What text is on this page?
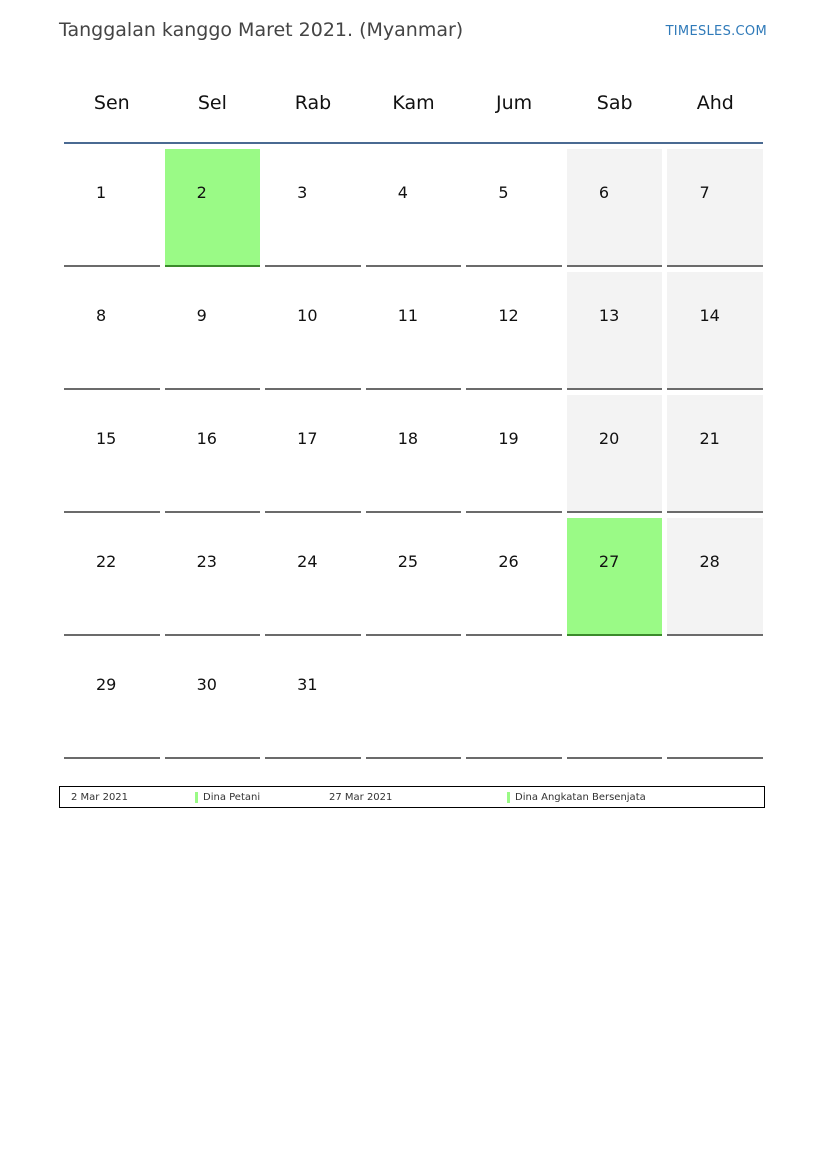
Tanggalan kanggo Maret 2021. (Myanmar)	TIMESLES.COM
Sen	Sel	Rab	Kam	Jum	Sab	Ahd
1	2	3	4	5	6	7
8	9	10	11	12	13	14
15	16	17	18	19	20	21
22	23	24	25	26	27	28
29	30	31
2 Mar 2021	Dina Petani	27 Mar 2021	Dina Angkatan Bersenjata
